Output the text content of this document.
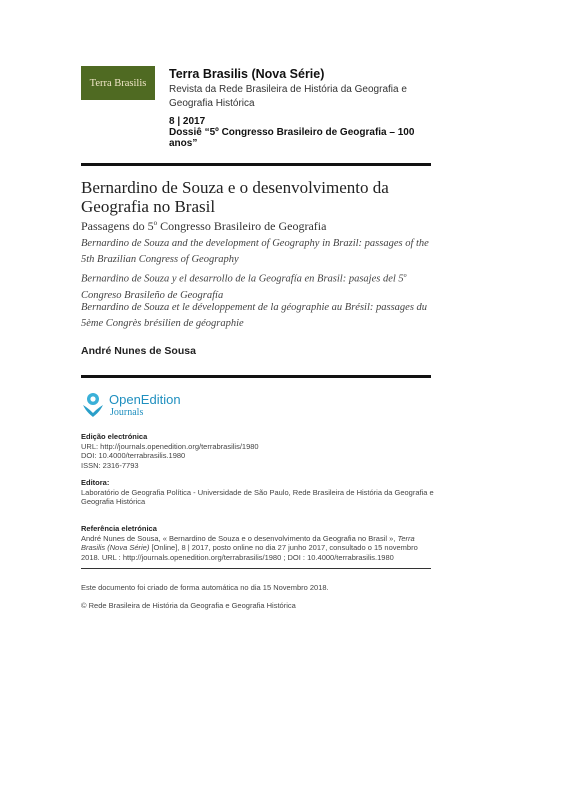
Terra Brasilis
Terra Brasilis (Nova Série)
Revista da Rede Brasileira de História da Geografia e Geografia Histórica
8 | 2017
Dossiê “5º Congresso Brasileiro de Geografia – 100 anos”
Bernardino de Souza e o desenvolvimento da Geografia no Brasil
Passagens do 5$^o$ Congresso Brasileiro de Geografia
Bernardino de Souza and the development of Geography in Brazil: passages of the 5th Brazilian Congress of Geography
Bernardino de Souza y el desarrollo de la Geografía en Brasil: pasajes del 5$^o$ Congreso Brasileño de Geografía
Bernardino de Souza et le développement de la géographie au Brésil: passages du 5ème Congrès brésilien de géographie
André Nunes de Sousa
OpenEdition
Journals
Edição electrónica
URL: http://journals.openedition.org/terrabrasilis/1980
DOI: 10.4000/terrabrasilis.1980
ISSN: 2316-7793
Editora:
Laboratório de Geografia Política - Universidade de São Paulo, Rede Brasileira de História da Geografia e Geografia Histórica
Referência eletrónica
André Nunes de Sousa, « Bernardino de Souza e o desenvolvimento da Geografia no Brasil », Terra Brasilis (Nova Série) [Online], 8 | 2017, posto online no dia 27 junho 2017, consultado o 15 novembro 2018. URL : http://journals.openedition.org/terrabrasilis/1980 ; DOI : 10.4000/terrabrasilis.1980
Este documento foi criado de forma automática no dia 15 Novembro 2018.
© Rede Brasileira de História da Geografia e Geografia Histórica
